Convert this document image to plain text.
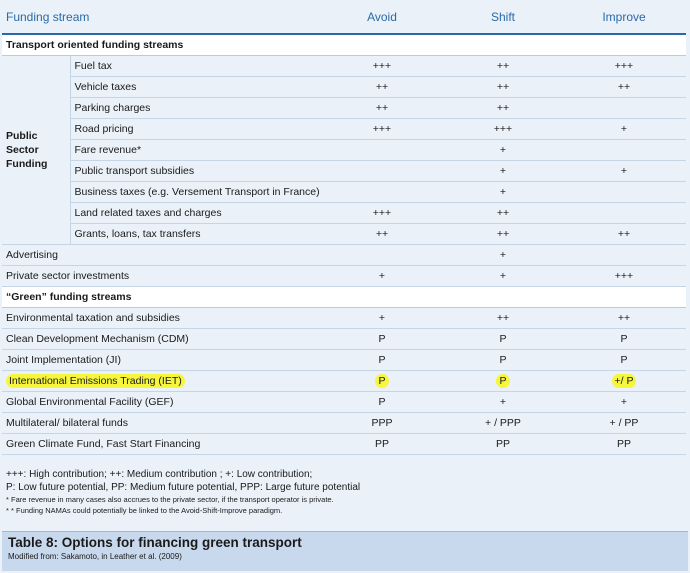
Funding stream		Avoid	Shift	Improve
Transport oriented funding streams				
Public Sector Funding	Fuel tax	+++	++	+++
	Vehicle taxes	++	++	++
	Parking charges	++	++	
	Road pricing	+++	+++	+
	Fare revenue*		+	
	Public transport subsidies		+	+
	Business taxes (e.g. Versement Transport in France)		+	
	Land related taxes and charges	+++	++	
	Grants, loans, tax transfers	++	++	++
Advertising			+	
Private sector investments		+	+	+++
“Green” funding streams				
Environmental taxation and subsidies		+	++	++
Clean Development Mechanism (CDM)		P	P	P
Joint Implementation (JI)		P	P	P
International Emissions Trading (IET)		P	P	+/ P
Global Environmental Facility (GEF)		P	+	+
Multilateral/ bilateral funds		PPP	+ / PPP	+ / PP
Green Climate Fund, Fast Start Financing		PP	PP	PP
+++: High contribution; ++: Medium contribution ; +: Low contribution;
P: Low future potential, PP: Medium future potential, PPP: Large future potential
* Fare revenue in many cases also accrues to the private sector, if the transport operator is private.
* * Funding NAMAs could potentially be linked to the Avoid-Shift-Improve paradigm.
Table 8: Options for financing green transport
Modified from: Sakamoto, in Leather et al. (2009)
